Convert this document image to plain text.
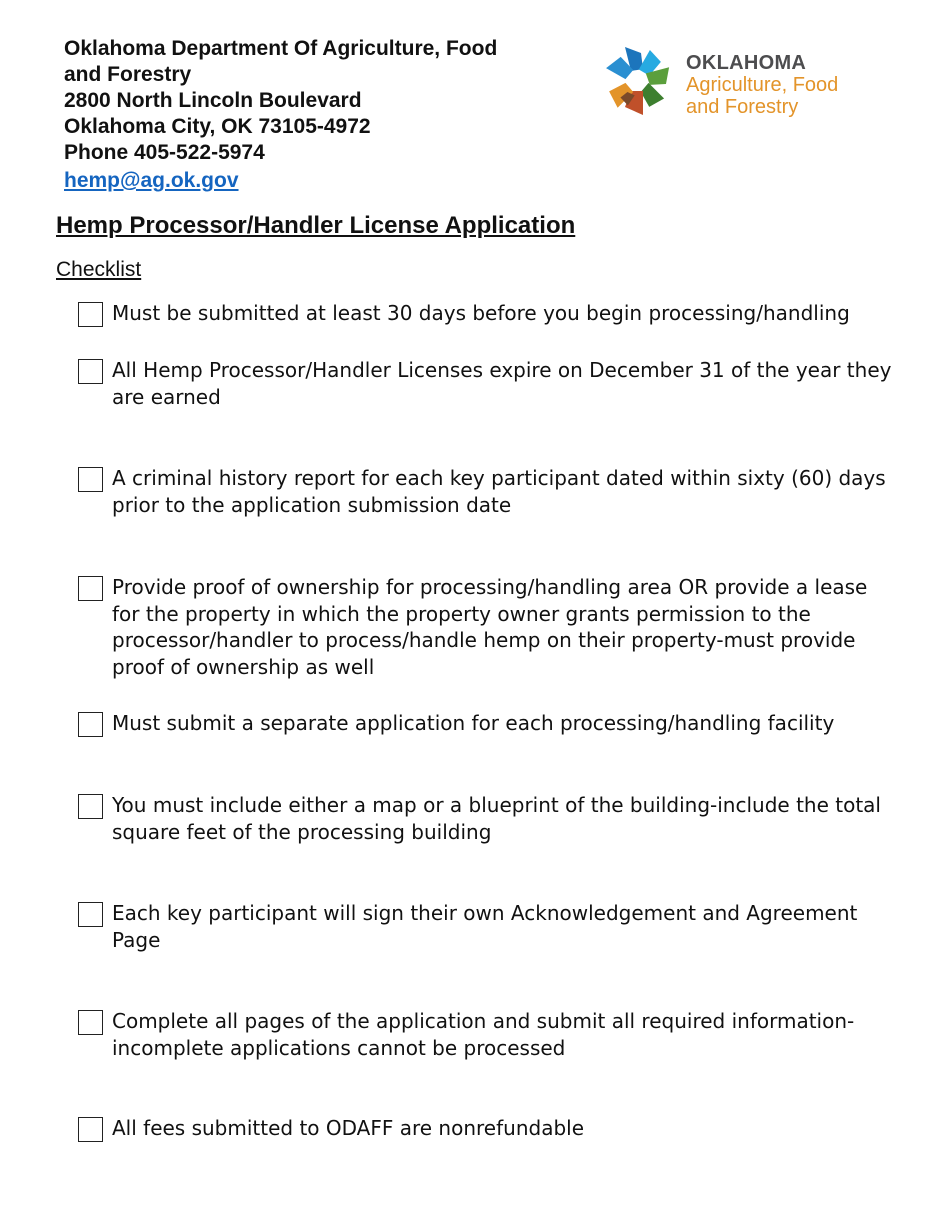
Oklahoma Department Of Agriculture, Food
and Forestry
2800 North Lincoln Boulevard
Oklahoma City, OK 73105-4972
Phone 405-522-5974
hemp@ag.ok.gov
OKLAHOMA
Agriculture, Food
and Forestry
Hemp Processor/Handler License Application
Checklist
Must be submitted at least 30 days before you begin processing/handling
All Hemp Processor/Handler Licenses expire on December 31 of the year they are earned
A criminal history report for each key participant dated within sixty (60) days prior to the application submission date
Provide proof of ownership for processing/handling area OR provide a lease for the property in which the property owner grants permission to the processor/handler to process/handle hemp on their property-must provide proof of ownership as well
Must submit a separate application for each processing/handling facility
You must include either a map or a blueprint of the building-include the total square feet of the processing building
Each key participant will sign their own Acknowledgement and Agreement Page
Complete all pages of the application and submit all required information-incomplete applications cannot be processed
All fees submitted to ODAFF are nonrefundable
